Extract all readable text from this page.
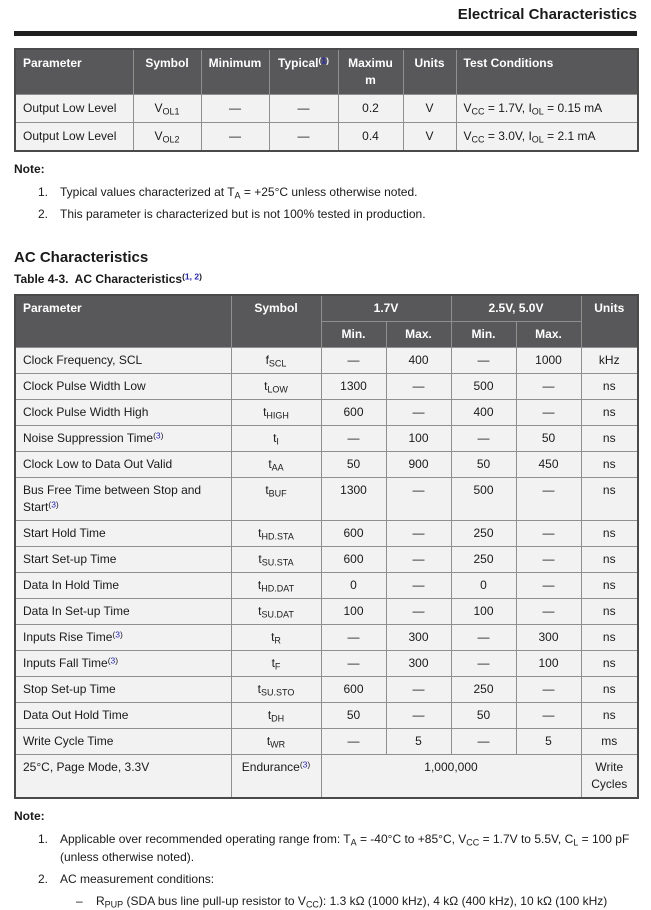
Electrical Characteristics
Parameter	Symbol	Minimum	Typical$^{(1)}$	Maximum	Units	Test Conditions
Output Low Level	$V_{OL1}$	—	—	0.2	V	$V_{CC} = 1.7V$, $I_{OL} = 0.15$ mA
Output Low Level	$V_{OL2}$	—	—	0.4	V	$V_{CC} = 3.0V$, $I_{OL} = 2.1$ mA
Note:
1. Typical values characterized at $T_A = +25^\circ C$ unless otherwise noted.
2. This parameter is characterized but is not 100% tested in production.
AC Characteristics
Table 4-3.  AC Characteristics$^{(1, 2)}$
Parameter	Symbol	1.7V		2.5V, 5.0V		Units
		Min.	Max.	Min.	Max.	
Clock Frequency, SCL	$f_{SCL}$	—	400	—	1000	kHz
Clock Pulse Width Low	$t_{LOW}$	1300	—	500	—	ns
Clock Pulse Width High	$t_{HIGH}$	600	—	400	—	ns
Noise Suppression Time$^{(3)}$	$t_I$	—	100	—	50	ns
Clock Low to Data Out Valid	$t_{AA}$	50	900	50	450	ns
Bus Free Time between Stop and Start$^{(3)}$	$t_{BUF}$	1300	—	500	—	ns
Start Hold Time	$t_{HD.STA}$	600	—	250	—	ns
Start Set-up Time	$t_{SU.STA}$	600	—	250	—	ns
Data In Hold Time	$t_{HD.DAT}$	0	—	0	—	ns
Data In Set-up Time	$t_{SU.DAT}$	100	—	100	—	ns
Inputs Rise Time$^{(3)}$	$t_R$	—	300	—	300	ns
Inputs Fall Time$^{(3)}$	$t_F$	—	300	—	100	ns
Stop Set-up Time	$t_{SU.STO}$	600	—	250	—	ns
Data Out Hold Time	$t_{DH}$	50	—	50	—	ns
Write Cycle Time	$t_{WR}$	—	5	—	5	ms
25°C, Page Mode, 3.3V	Endurance$^{(3)}$	1,000,000				Write Cycles
Note:
1. Applicable over recommended operating range from: $T_A = -40^\circ C$ to +85°C, $V_{CC} = 1.7V$ to 5.5V, $C_L = 100$ pF (unless otherwise noted).
2. AC measurement conditions:
–	$R_{PUP}$ (SDA bus line pull-up resistor to $V_{CC}$): 1.3 kΩ (1000 kHz), 4 kΩ (400 kHz), 10 kΩ (100 kHz)
